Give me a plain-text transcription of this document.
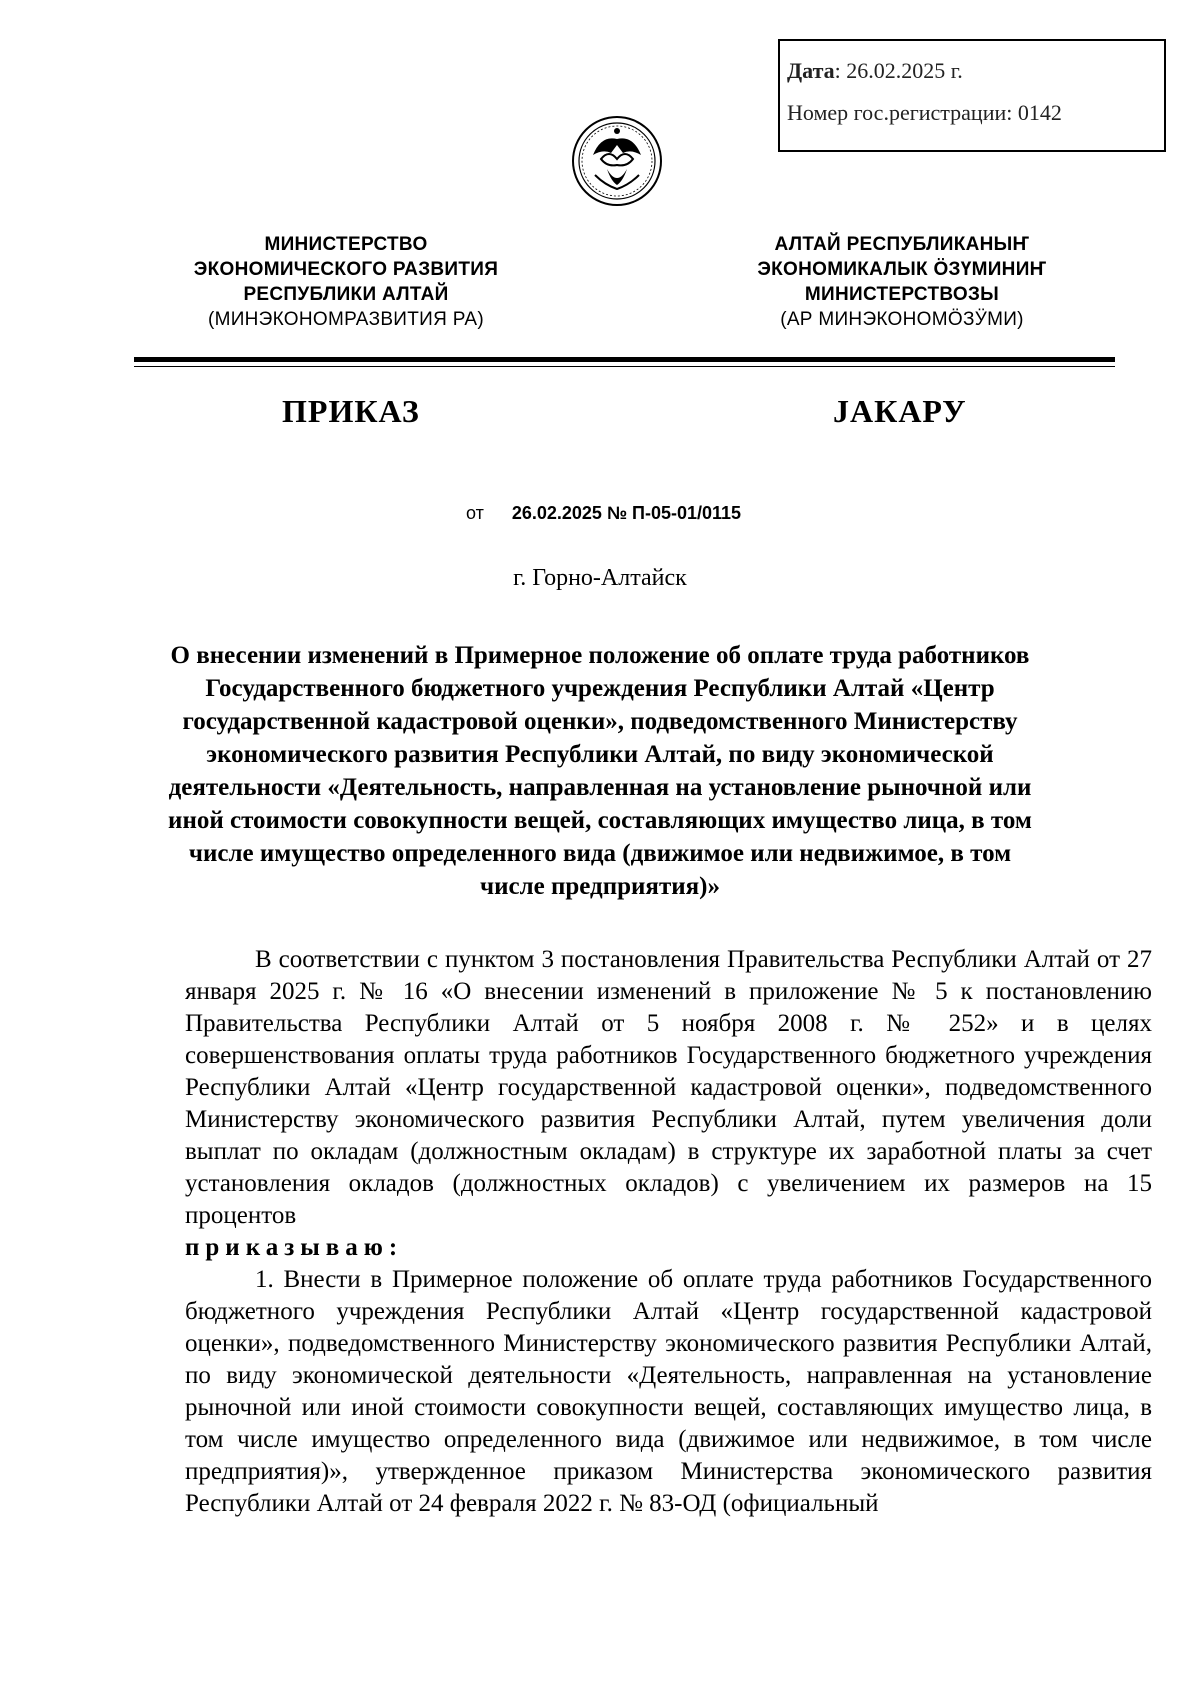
Дата: 26.02.2025 г.
Номер гос.регистрации: 0142
МИНИСТЕРСТВО
ЭКОНОМИЧЕСКОГО РАЗВИТИЯ
РЕСПУБЛИКИ АЛТАЙ
(МИНЭКОНОМРАЗВИТИЯ РА)
АЛТАЙ РЕСПУБЛИКАНЫҤ
ЭКОНОМИКАЛЫК ÖЗҮМИНИҤ
МИНИСТЕРСТВОЗЫ
(АР МИНЭКОНОМӦЗӰМИ)
ПРИКАЗ	ЈАКАРУ
от 26.02.2025 № П-05-01/0115
г. Горно-Алтайск
О внесении изменений в Примерное положение об оплате труда работников Государственного бюджетного учреждения Республики Алтай «Центр государственной кадастровой оценки», подведомственного Министерству экономического развития Республики Алтай, по виду экономической деятельности «Деятельность, направленная на установление рыночной или иной стоимости совокупности вещей, составляющих имущество лица, в том числе имущество определенного вида (движимое или недвижимое, в том числе предприятия)»

В соответствии с пунктом 3 постановления Правительства Республики Алтай от 27 января 2025 г. № 16 «О внесении изменений в приложение № 5 к постановлению Правительства Республики Алтай от 5 ноября 2008 г. № 252» и в целях совершенствования оплаты труда работников Государственного бюджетного учреждения Республики Алтай «Центр государственной кадастровой оценки», подведомственного Министерству экономического развития Республики Алтай, путем увеличения доли выплат по окладам (должностным окладам) в структуре их заработной платы за счет установления окладов (должностных окладов) с увеличением их размеров на 15 процентов

приказываю:

1. Внести в Примерное положение об оплате труда работников Государственного бюджетного учреждения Республики Алтай «Центр государственной кадастровой оценки», подведомственного Министерству экономического развития Республики Алтай, по виду экономической деятельности «Деятельность, направленная на установление рыночной или иной стоимости совокупности вещей, составляющих имущество лица, в том числе имущество определенного вида (движимое или недвижимое, в том числе предприятия)», утвержденное приказом Министерства экономического развития Республики Алтай от 24 февраля 2022 г. № 83-ОД (официальный
